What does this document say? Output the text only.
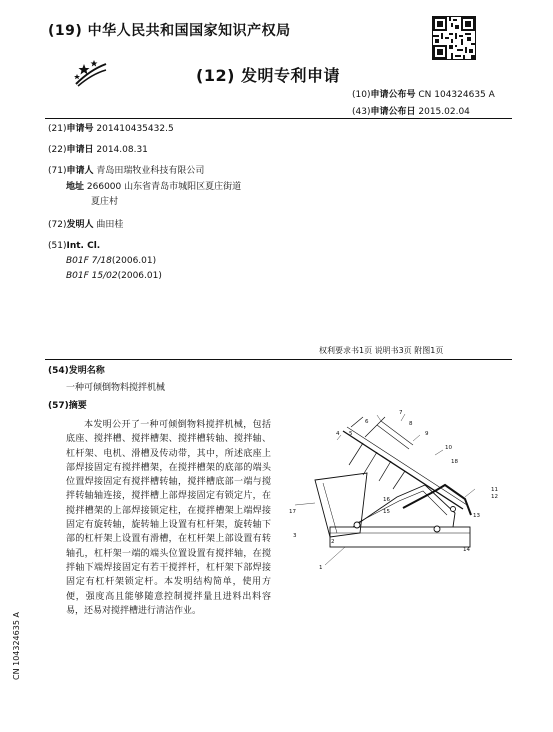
(19) 中华人民共和国国家知识产权局
(12) 发明专利申请
(10)申请公布号 CN 104324635 A
(43)申请公布日 2015.02.04
(21)申请号 201410435432.5
(22)申请日 2014.08.31
(71)申请人 青岛田瑞牧业科技有限公司
地址 266000 山东省青岛市城阳区夏庄街道
夏庄村
(72)发明人 曲田桂
(51)Int. Cl.
B01F 7/18(2006.01)
B01F 15/02(2006.01)
权利要求书1页 说明书3页 附图1页
(54)发明名称
一种可倾倒物料搅拌机械
(57)摘要
本发明公开了一种可倾倒物料搅拌机械，包括底座、搅拌槽、搅拌槽架、搅拌槽转轴、搅拌轴、杠杆架、电机、滑槽及传动带，其中，所述底座上部焊接固定有搅拌槽架，在搅拌槽架的底部的端头位置焊接固定有搅拌槽转轴，搅拌槽底部一端与搅拌转轴轴连接，搅拌槽上部焊接固定有锁定片，在搅拌槽架的上部焊接锁定柱，在搅拌槽架上端焊接固定有旋转轴，旋转轴上设置有杠杆架，旋转轴下部的杠杆架上设置有滑槽，在杠杆架上部设置有转轴孔，杠杆架一端的端头位置设置有搅拌轴，在搅拌轴下端焊接固定有若干搅拌杆，杠杆架下部焊接固定有杠杆架锁定杆。本发明结构简单，使用方便，强度高且能够随意控制搅拌量且进料出料容易，还易对搅拌槽进行清洁作业。
4 5
6
7
8
9
10
18
16
15
11
12
13
14
17
3
2
1
CN 104324635 A
